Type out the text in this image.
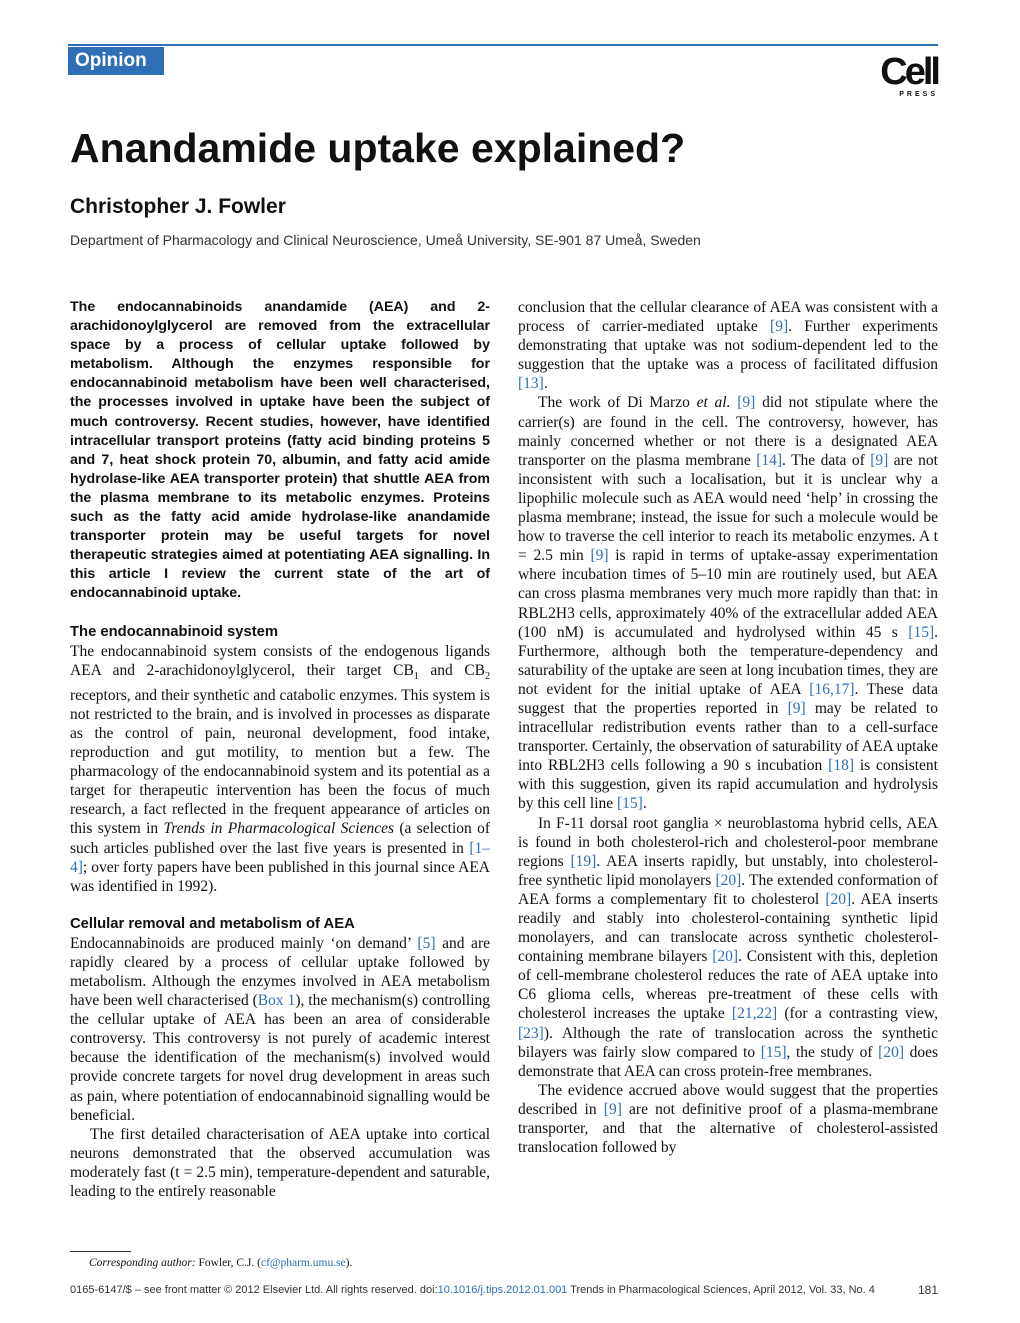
Opinion	Cell
PRESS
Anandamide uptake explained?
Christopher J. Fowler
Department of Pharmacology and Clinical Neuroscience, Umeå University, SE-901 87 Umeå, Sweden

The endocannabinoids anandamide (AEA) and 2-arachidonoylglycerol are removed from the extracellular space by a process of cellular uptake followed by metabolism. Although the enzymes responsible for endocannabinoid metabolism have been well characterised, the processes involved in uptake have been the subject of much controversy. Recent studies, however, have identified intracellular transport proteins (fatty acid binding proteins 5 and 7, heat shock protein 70, albumin, and fatty acid amide hydrolase-like AEA transporter protein) that shuttle AEA from the plasma membrane to its metabolic enzymes. Proteins such as the fatty acid amide hydrolase-like anandamide transporter protein may be useful targets for novel therapeutic strategies aimed at potentiating AEA signalling. In this article I review the current state of the art of endocannabinoid uptake.

The endocannabinoid system

The endocannabinoid system consists of the endogenous ligands AEA and 2-arachidonoylglycerol, their target $CB_1$ and $CB_2$ receptors, and their synthetic and catabolic enzymes. This system is not restricted to the brain, and is involved in processes as disparate as the control of pain, neuronal development, food intake, reproduction and gut motility, to mention but a few. The pharmacology of the endocannabinoid system and its potential as a target for therapeutic intervention has been the focus of much research, a fact reflected in the frequent appearance of articles on this system in Trends in Pharmacological Sciences (a selection of such articles published over the last five years is presented in [1–4]; over forty papers have been published in this journal since AEA was identified in 1992).

Cellular removal and metabolism of AEA

Endocannabinoids are produced mainly ‘on demand’ [5] and are rapidly cleared by a process of cellular uptake followed by metabolism. Although the enzymes involved in AEA metabolism have been well characterised (Box 1), the mechanism(s) controlling the cellular uptake of AEA has been an area of considerable controversy. This controversy is not purely of academic interest because the identification of the mechanism(s) involved would provide concrete targets for novel drug development in areas such as pain, where potentiation of endocannabinoid signalling would be beneficial.

The first detailed characterisation of AEA uptake into cortical neurons demonstrated that the observed accumulation was moderately fast (t = 2.5 min), temperature-dependent and saturable, leading to the entirely reasonable

conclusion that the cellular clearance of AEA was consistent with a process of carrier-mediated uptake [9]. Further experiments demonstrating that uptake was not sodium-dependent led to the suggestion that the uptake was a process of facilitated diffusion [13].

The work of Di Marzo et al. [9] did not stipulate where the carrier(s) are found in the cell. The controversy, however, has mainly concerned whether or not there is a designated AEA transporter on the plasma membrane [14]. The data of [9] are not inconsistent with such a localisation, but it is unclear why a lipophilic molecule such as AEA would need ‘help’ in crossing the plasma membrane; instead, the issue for such a molecule would be how to traverse the cell interior to reach its metabolic enzymes. A t = 2.5 min [9] is rapid in terms of uptake-assay experimentation where incubation times of 5–10 min are routinely used, but AEA can cross plasma membranes very much more rapidly than that: in RBL2H3 cells, approximately 40% of the extracellular added AEA (100 nM) is accumulated and hydrolysed within 45 s [15]. Furthermore, although both the temperature-dependency and saturability of the uptake are seen at long incubation times, they are not evident for the initial uptake of AEA [16,17]. These data suggest that the properties reported in [9] may be related to intracellular redistribution events rather than to a cell-surface transporter. Certainly, the observation of saturability of AEA uptake into RBL2H3 cells following a 90 s incubation [18] is consistent with this suggestion, given its rapid accumulation and hydrolysis by this cell line [15].

In F-11 dorsal root ganglia × neuroblastoma hybrid cells, AEA is found in both cholesterol-rich and cholesterol-poor membrane regions [19]. AEA inserts rapidly, but unstably, into cholesterol-free synthetic lipid monolayers [20]. The extended conformation of AEA forms a complementary fit to cholesterol [20]. AEA inserts readily and stably into cholesterol-containing synthetic lipid monolayers, and can translocate across synthetic cholesterol-containing membrane bilayers [20]. Consistent with this, depletion of cell-membrane cholesterol reduces the rate of AEA uptake into C6 glioma cells, whereas pre-treatment of these cells with cholesterol increases the uptake [21,22] (for a contrasting view, [23]). Although the rate of translocation across the synthetic bilayers was fairly slow compared to [15], the study of [20] does demonstrate that AEA can cross protein-free membranes.

The evidence accrued above would suggest that the properties described in [9] are not definitive proof of a plasma-membrane transporter, and that the alternative of cholesterol-assisted translocation followed by

Corresponding author: Fowler, C.J. (cf@pharm.umu.se).
0165-6147/$ – see front matter © 2012 Elsevier Ltd. All rights reserved. doi:10.1016/j.tips.2012.01.001 Trends in Pharmacological Sciences, April 2012, Vol. 33, No. 4	181
